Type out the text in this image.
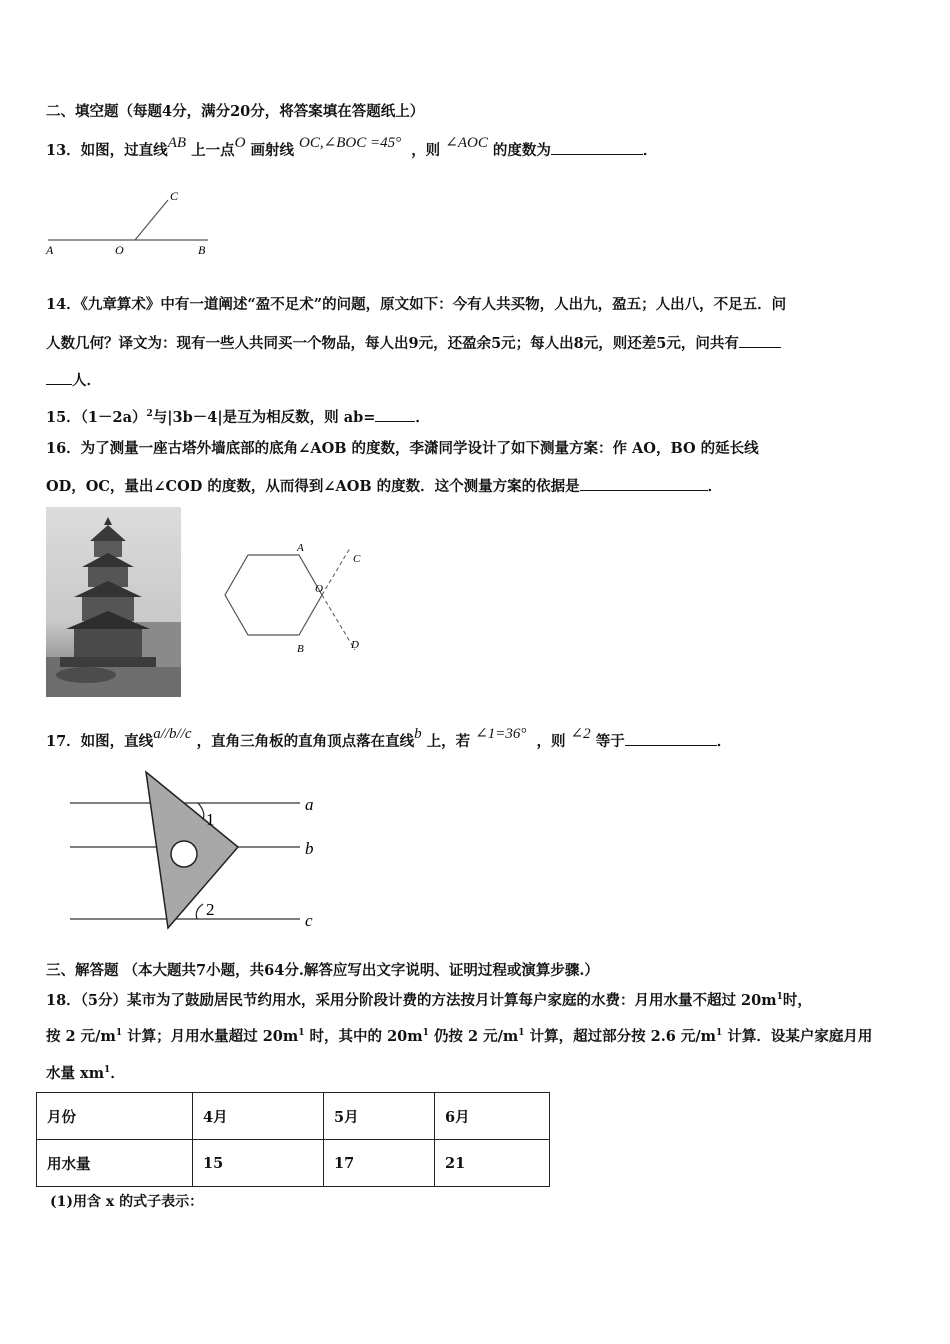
二、填空题（每题4分，满分20分，将答案填在答题纸上）
13．如图，过直线AB 上一点O 画射线 OC,∠BOC =45° ，则 ∠AOC 的度数为	．
A	O	B
C
14．《九章算术》中有一道阐述“盈不足术”的问题，原文如下：今有人共买物，人出九，盈五；人出八，不足五．问
人数几何？译文为：现有一些人共同买一个物品，每人出9元，还盈余5元；每人出8元，则还差5元，问共有
人．
15．$(1-2a)^2$与|3b－4|是互为相反数，则 ab=	．
16．为了测量一座古塔外墙底部的底角∠AOB 的度数，李潇同学设计了如下测量方案：作 AO，BO 的延长线
OD，OC，量出∠COD 的度数，从而得到∠AOB 的度数．这个测量方案的依据是	．
A
O
B
C
D
17．如图，直线a//b//c ，直角三角板的直角顶点落在直线b 上，若 ∠1=36° ，则 ∠2 等于	．
1
2
a
b
c
三、解答题 （本大题共7小题，共64分.解答应写出文字说明、证明过程或演算步骤.）
18．（5分）某市为了鼓励居民节约用水，采用分阶段计费的方法按月计算每户家庭的水费：月用水量不超过 $20m^1$时，
按 2 元$/m^1$ 计算；月用水量超过 $20m^1$ 时，其中的 $20m^1$ 仍按 2 元$/m^1$ 计算，超过部分按 2.6 元$/m^1$ 计算．设某户家庭月用
水量 $xm^1$．
月份	4月	5月	6月
用水量	15	17	21
(1)用含 x 的式子表示：
